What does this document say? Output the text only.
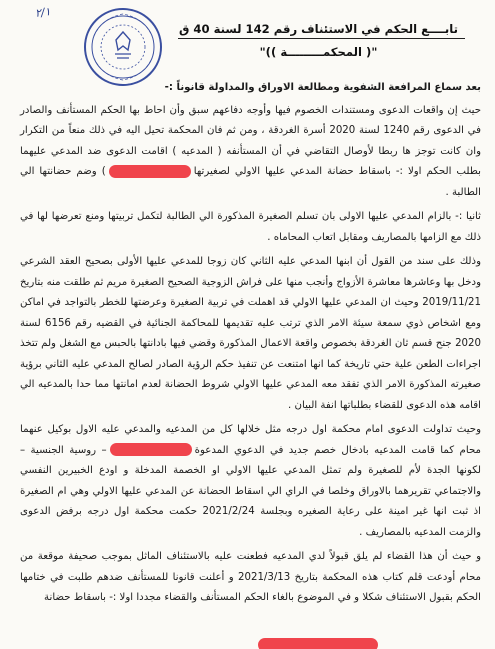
٢/١
تابــــع الحكم في الاستئناف رقم 142 لسنة 40 ق
"( المحكمـــــــــة ))"

بعد سماع المرافعة الشفوية ومطالعة الاوراق والمداولة قانوناً :-

حيث إن واقعات الدعوى ومستندات الخصوم فيها وأوجه دفاعهم سبق وأن احاط بها الحكم المستأنف والصادر في الدعوى رقم 1240 لسنة 2020 أسرة الغردقة ، ومن ثم فان المحكمة تحيل اليه في ذلك منعاً من التكرار وان كانت توجز ها ربطا لأوصال التقاضي في أن المستأنفه ( المدعيه ) اقامت الدعوى ضد المدعي عليهما بطلب الحكم اولا :- باسقاط حضانة المدعي عليها الاولي لصغيرتها) وضم حضانتها الي الطالبة .

ثانيا :- بالزام المدعي عليها الاولى بان تسلم الصغيرة المذكورة الي الطالبة لتكمل تربيتها ومنع تعرضها لها في ذلك مع الزامها بالمصاريف ومقابل اتعاب المحاماه .

وذلك على سند من القول أن ابنها المدعي عليه الثاني كان زوجا للمدعي عليها الأولى بصحيح العقد الشرعي ودخل بها وعاشرها معاشرة الأزواج وأنجب منها على فراش الزوجية الصحيح الصغيرة مريم ثم طلقت منه بتاريخ 2019/11/21 وحيث ان المدعي عليها الاولي قد اهملت في تربية الصغيرة وعرضتها للخطر بالتواجد في اماكن ومع اشخاص ذوي سمعة سيئة الامر الذي ترتب عليه تقديمها للمحاكمة الجنائية في القضيه رقم 6156 لسنة 2020 جنح قسم ثان الغردقة بخصوص واقعة الاعمال المذكورة وقضي فيها بادانتها بالحبس مع الشغل ولم تتخذ اجراءات الطعن علية حتي تاريخة كما انها امتنعت عن تنفيذ حكم الرؤية الصادر لصالح المدعي عليه الثاني برؤية صغيرته المذكورة الامر الذي تفقد معه المدعي عليها الاولي شروط الحضانة لعدم امانتها مما حدا بالمدعيه الي اقامه هذه الدعوى للقضاء بطلباتها انفة البيان .

وحيث تداولت الدعوى امام محكمة اول درجه مثل خلالها كل من المدعيه والمدعي عليه الاول بوكيل عنهما محام كما قامت المدعيه بادخال خصم جديد في الدعوي المدعوة– روسية الجنسية – لكونها الجدة لأم للصغيرة ولم تمثل المدعي عليها الاولي او الخصمة المدخلة و اودع الخبيرين النفسي والاجتماعي تقريرهما بالاوراق وخلصا في الراي الي اسقاط الحضانة عن المدعي عليها الاولي وهي ام الصغيرة اذ ثبت انها غير امينة على رعاية الصغيره وبجلسة 2021/2/24 حكمت محكمة اول درجه برفض الدعوى والزمت المدعيه بالمصاريف .

و حيث أن هذا القضاء لم يلق قبولاً لدي المدعيه فطعنت عليه بالاستئناف الماثل بموجب صحيفة موقعة من محام أودعت قلم كتاب هذه المحكمة بتاريخ 2021/3/13 و أعلنت قانونا للمستأنف ضدهم طلبت في ختامها الحكم بقبول الاستئناف شكلا و في الموضوع بالغاء الحكم المستأنف والقضاء مجددا اولا :- باسقاط حضانة
